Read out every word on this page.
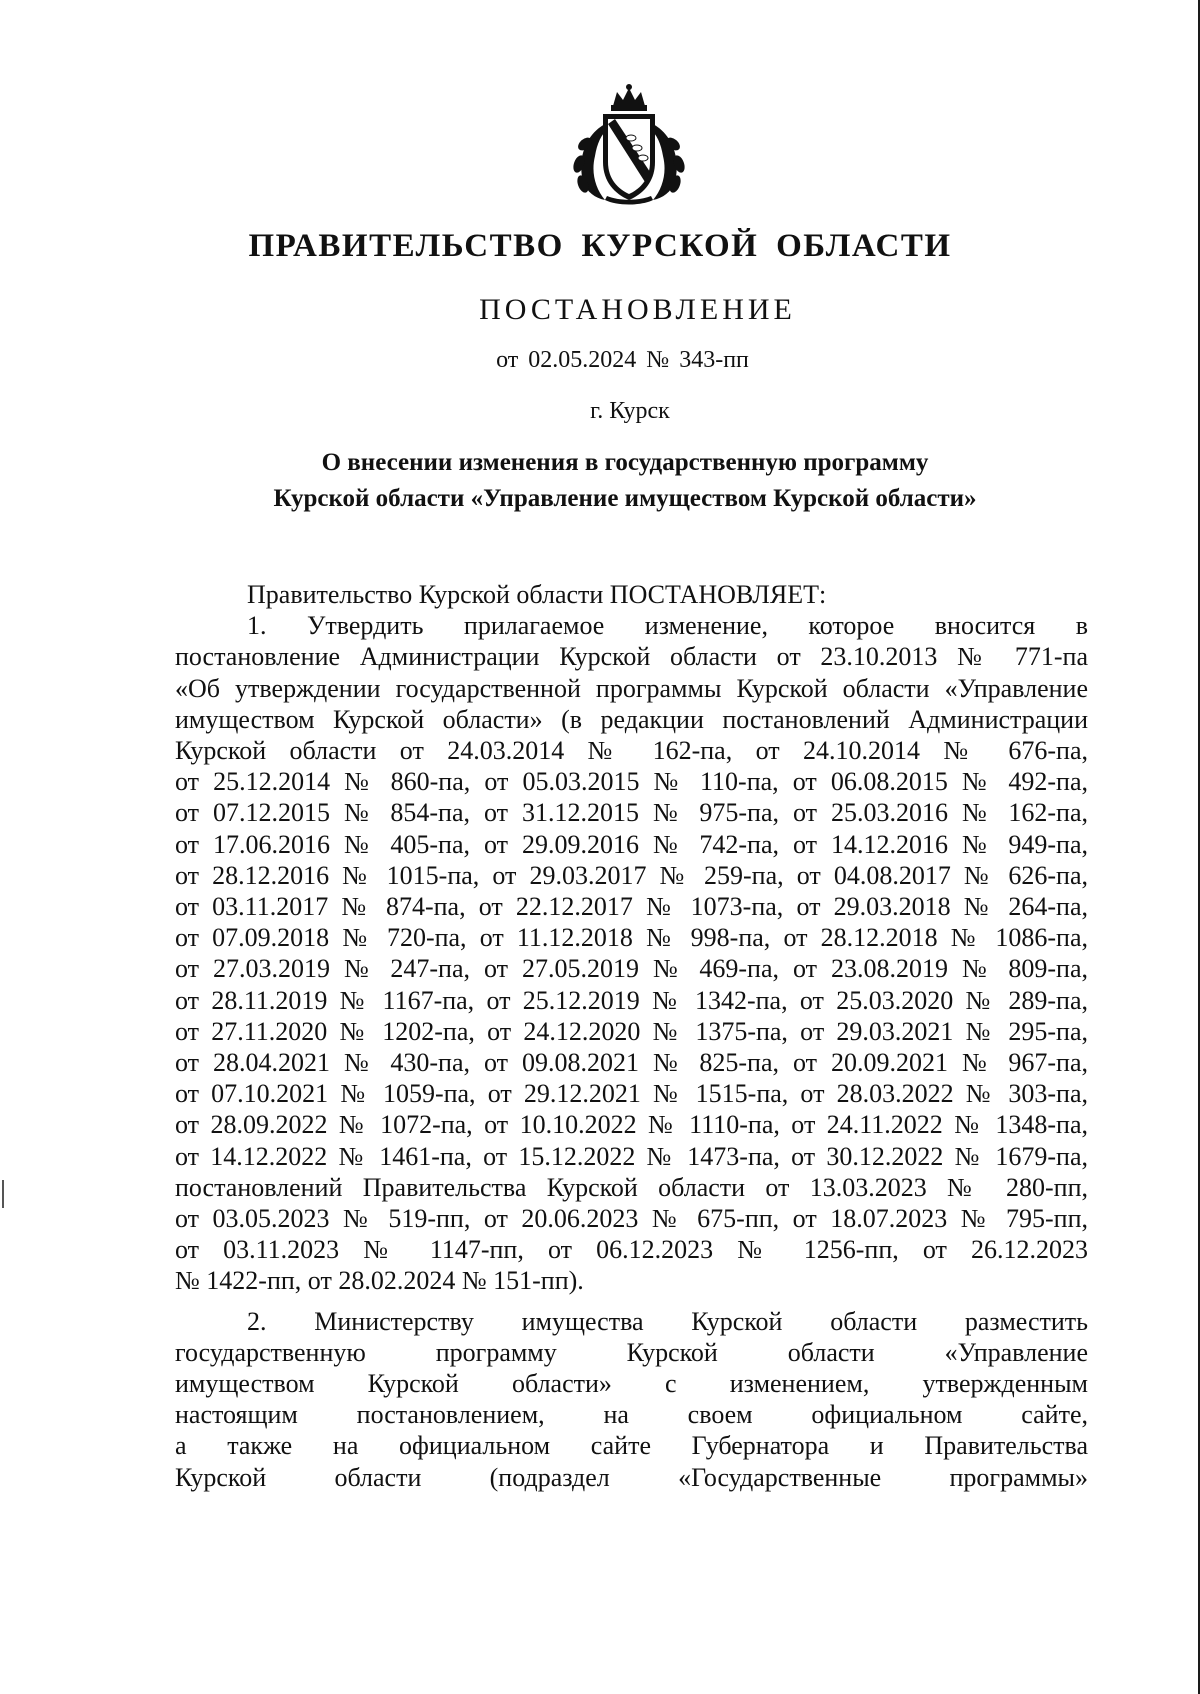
ПРАВИТЕЛЬСТВО КУРСКОЙ ОБЛАСТИ
ПОСТАНОВЛЕНИЕ
от 02.05.2024 № 343-пп
г. Курск
О внесении изменения в государственную программу
Курской области «Управление имуществом Курской области»

Правительство Курской области ПОСТАНОВЛЯЕТ:

1. Утвердить прилагаемое изменение, которое вносится в

постановление Администрации Курской области от 23.10.2013 № 771-па

«Об утверждении государственной программы Курской области «Управление

имуществом Курской области» (в редакции постановлений Администрации

Курской области от 24.03.2014 № 162-па, от 24.10.2014 № 676-па,

от 25.12.2014 № 860-па, от 05.03.2015 № 110-па, от 06.08.2015 № 492-па,

от 07.12.2015 № 854-па, от 31.12.2015 № 975-па, от 25.03.2016 № 162-па,

от 17.06.2016 № 405-па, от 29.09.2016 № 742-па, от 14.12.2016 № 949-па,

от 28.12.2016 № 1015-па, от 29.03.2017 № 259-па, от 04.08.2017 № 626-па,

от 03.11.2017 № 874-па, от 22.12.2017 № 1073-па, от 29.03.2018 № 264-па,

от 07.09.2018 № 720-па, от 11.12.2018 № 998-па, от 28.12.2018 № 1086-па,

от 27.03.2019 № 247-па, от 27.05.2019 № 469-па, от 23.08.2019 № 809-па,

от 28.11.2019 № 1167-па, от 25.12.2019 № 1342-па, от 25.03.2020 № 289-па,

от 27.11.2020 № 1202-па, от 24.12.2020 № 1375-па, от 29.03.2021 № 295-па,

от 28.04.2021 № 430-па, от 09.08.2021 № 825-па, от 20.09.2021 № 967-па,

от 07.10.2021 № 1059-па, от 29.12.2021 № 1515-па, от 28.03.2022 № 303-па,

от 28.09.2022 № 1072-па, от 10.10.2022 № 1110-па, от 24.11.2022 № 1348-па,

от 14.12.2022 № 1461-па, от 15.12.2022 № 1473-па, от 30.12.2022 № 1679-па,

постановлений Правительства Курской области от 13.03.2023 № 280-пп,

от 03.05.2023 № 519-пп, от 20.06.2023 № 675-пп, от 18.07.2023 № 795-пп,

от 03.11.2023 № 1147-пп, от 06.12.2023 № 1256-пп, от 26.12.2023

№ 1422-пп, от 28.02.2024 № 151-пп).

2. Министерству имущества Курской области разместить

государственную программу Курской области «Управление

имуществом Курской области» с изменением, утвержденным

настоящим постановлением, на своем официальном сайте,

а также на официальном сайте Губернатора и Правительства

Курской области (подраздел «Государственные программы»
